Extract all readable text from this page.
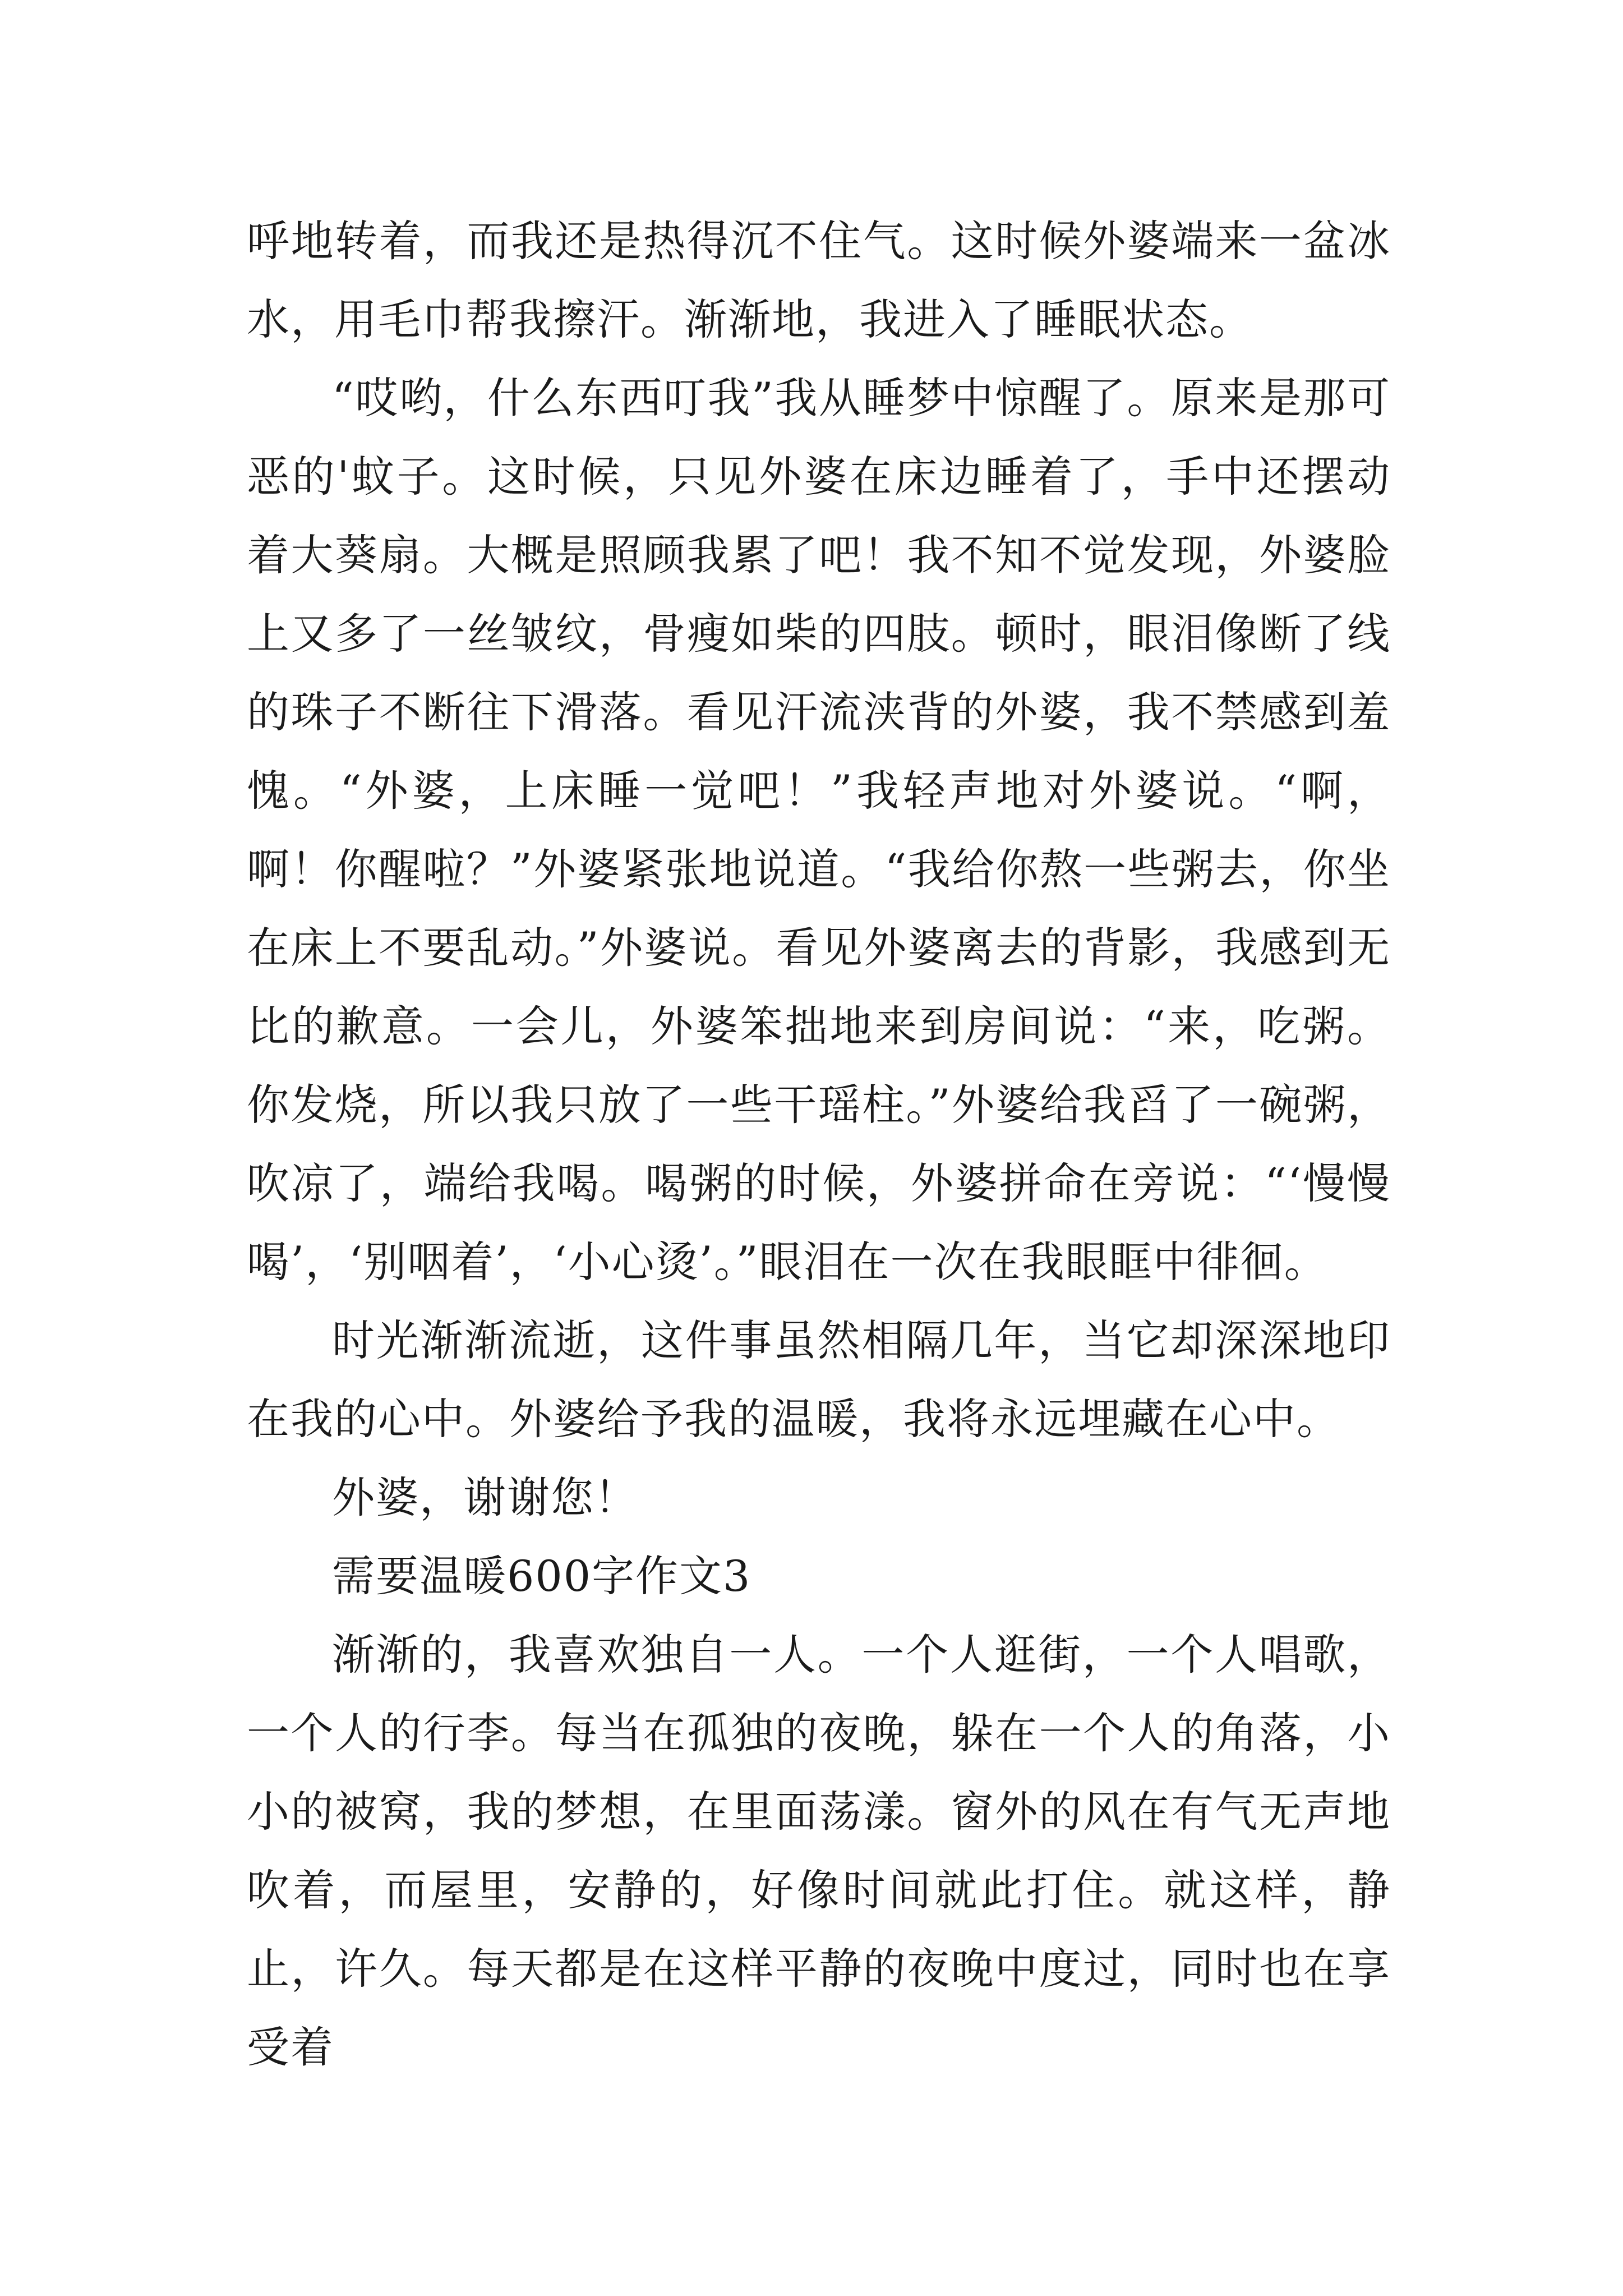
呼地转着，而我还是热得沉不住气。这时候外婆端来一盆冰水，用毛巾帮我擦汗。渐渐地，我进入了睡眠状态。

“哎哟，什么东西叮我”我从睡梦中惊醒了。原来是那可恶的'蚊子。这时候，只见外婆在床边睡着了，手中还摆动着大葵扇。大概是照顾我累了吧！我不知不觉发现，外婆脸上又多了一丝皱纹，骨瘦如柴的四肢。顿时，眼泪像断了线的珠子不断往下滑落。看见汗流浃背的外婆，我不禁感到羞愧。“外婆，上床睡一觉吧！”我轻声地对外婆说。“啊，啊！你醒啦？”外婆紧张地说道。“我给你熬一些粥去，你坐在床上不要乱动。”外婆说。看见外婆离去的背影，我感到无比的歉意。一会儿，外婆笨拙地来到房间说：“来，吃粥。你发烧，所以我只放了一些干瑶柱。”外婆给我舀了一碗粥，吹凉了，端给我喝。喝粥的时候，外婆拼命在旁说：“‘慢慢喝’，‘别咽着’，‘小心烫’。”眼泪在一次在我眼眶中徘徊。

时光渐渐流逝，这件事虽然相隔几年，当它却深深地印在我的心中。外婆给予我的温暖，我将永远埋藏在心中。

外婆，谢谢您！

需要温暖600字作文3

渐渐的，我喜欢独自一人。一个人逛街，一个人唱歌，一个人的行李。每当在孤独的夜晚，躲在一个人的角落，小小的被窝，我的梦想，在里面荡漾。窗外的风在有气无声地吹着，而屋里，安静的，好像时间就此打住。就这样，静止，许久。每天都是在这样平静的夜晚中度过，同时也在享受着
